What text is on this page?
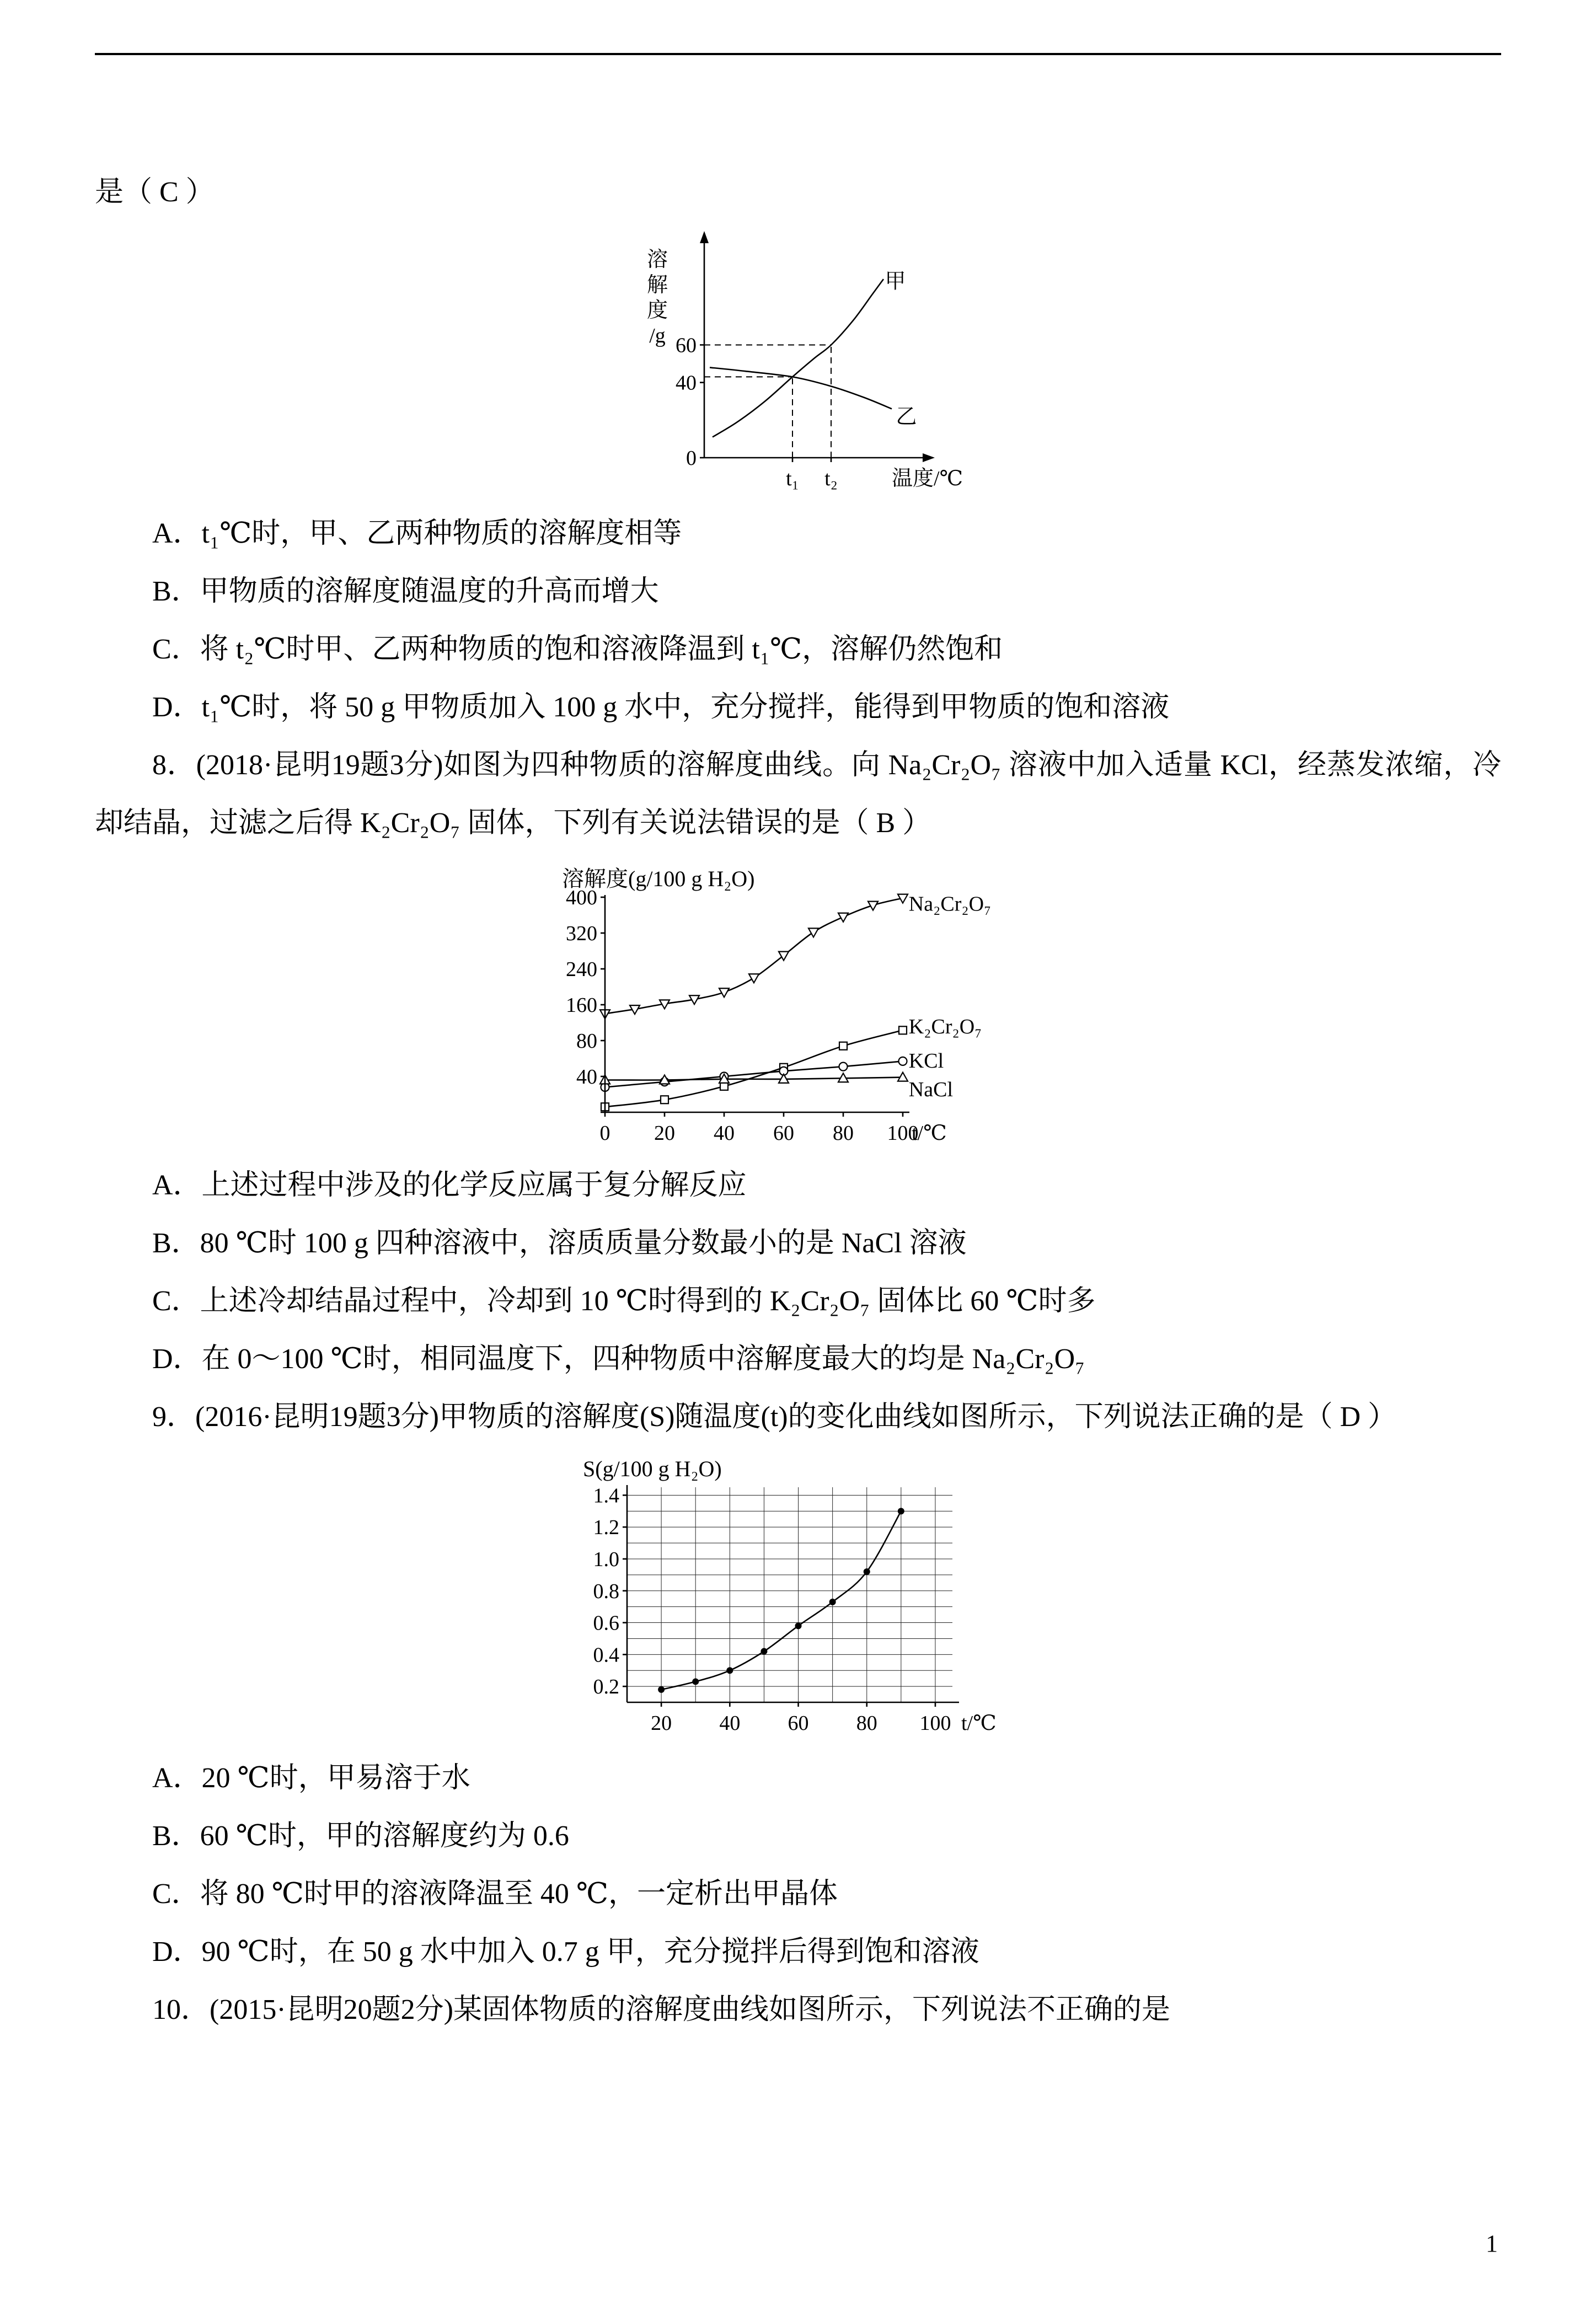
是（ C ）

甲
乙
t₁ t₂
0
40
60
温度/℃
溶
解
度
/g

A．t₁℃时，甲、乙两种物质的溶解度相等

B．甲物质的溶解度随温度的升高而增大

C．将 t₂℃时甲、乙两种物质的饱和溶液降温到 t₁℃，溶解仍然饱和

D．t₁℃时，将 50 g 甲物质加入 100 g 水中，充分搅拌，能得到甲物质的饱和溶液

8．(2018·昆明19题3分)如图为四种物质的溶解度曲线。向 Na₂Cr₂O₇ 溶液中加入适量 KCl，经蒸发浓缩，冷却结晶，过滤之后得 K₂Cr₂O₇ 固体，下列有关说法错误的是（ B ）

Na₂Cr₂O₇
K₂Cr₂O₇
KCl
NaCl
0 20 40 60 80 100
40
80
160
240
320
400
t/℃
溶解度(g/100 g H₂O)

A．上述过程中涉及的化学反应属于复分解反应

B．80 ℃时 100 g 四种溶液中，溶质质量分数最小的是 NaCl 溶液

C．上述冷却结晶过程中，冷却到 10 ℃时得到的 K₂Cr₂O₇ 固体比 60 ℃时多

D．在 0～100 ℃时，相同温度下，四种物质中溶解度最大的均是 Na₂Cr₂O₇

9．(2016·昆明19题3分)甲物质的溶解度(S)随温度(t)的变化曲线如图所示，下列说法正确的是（ D ）

20 40 60 80 100
0.2
0.4
0.6
0.8
1.0
1.2
1.4
t/℃
S(g/100 g H₂O)

A．20 ℃时，甲易溶于水

B．60 ℃时，甲的溶解度约为 0.6

C．将 80 ℃时甲的溶液降温至 40 ℃，一定析出甲晶体

D．90 ℃时，在 50 g 水中加入 0.7 g 甲，充分搅拌后得到饱和溶液

10．(2015·昆明20题2分)某固体物质的溶解度曲线如图所示，下列说法不正确的是

1
